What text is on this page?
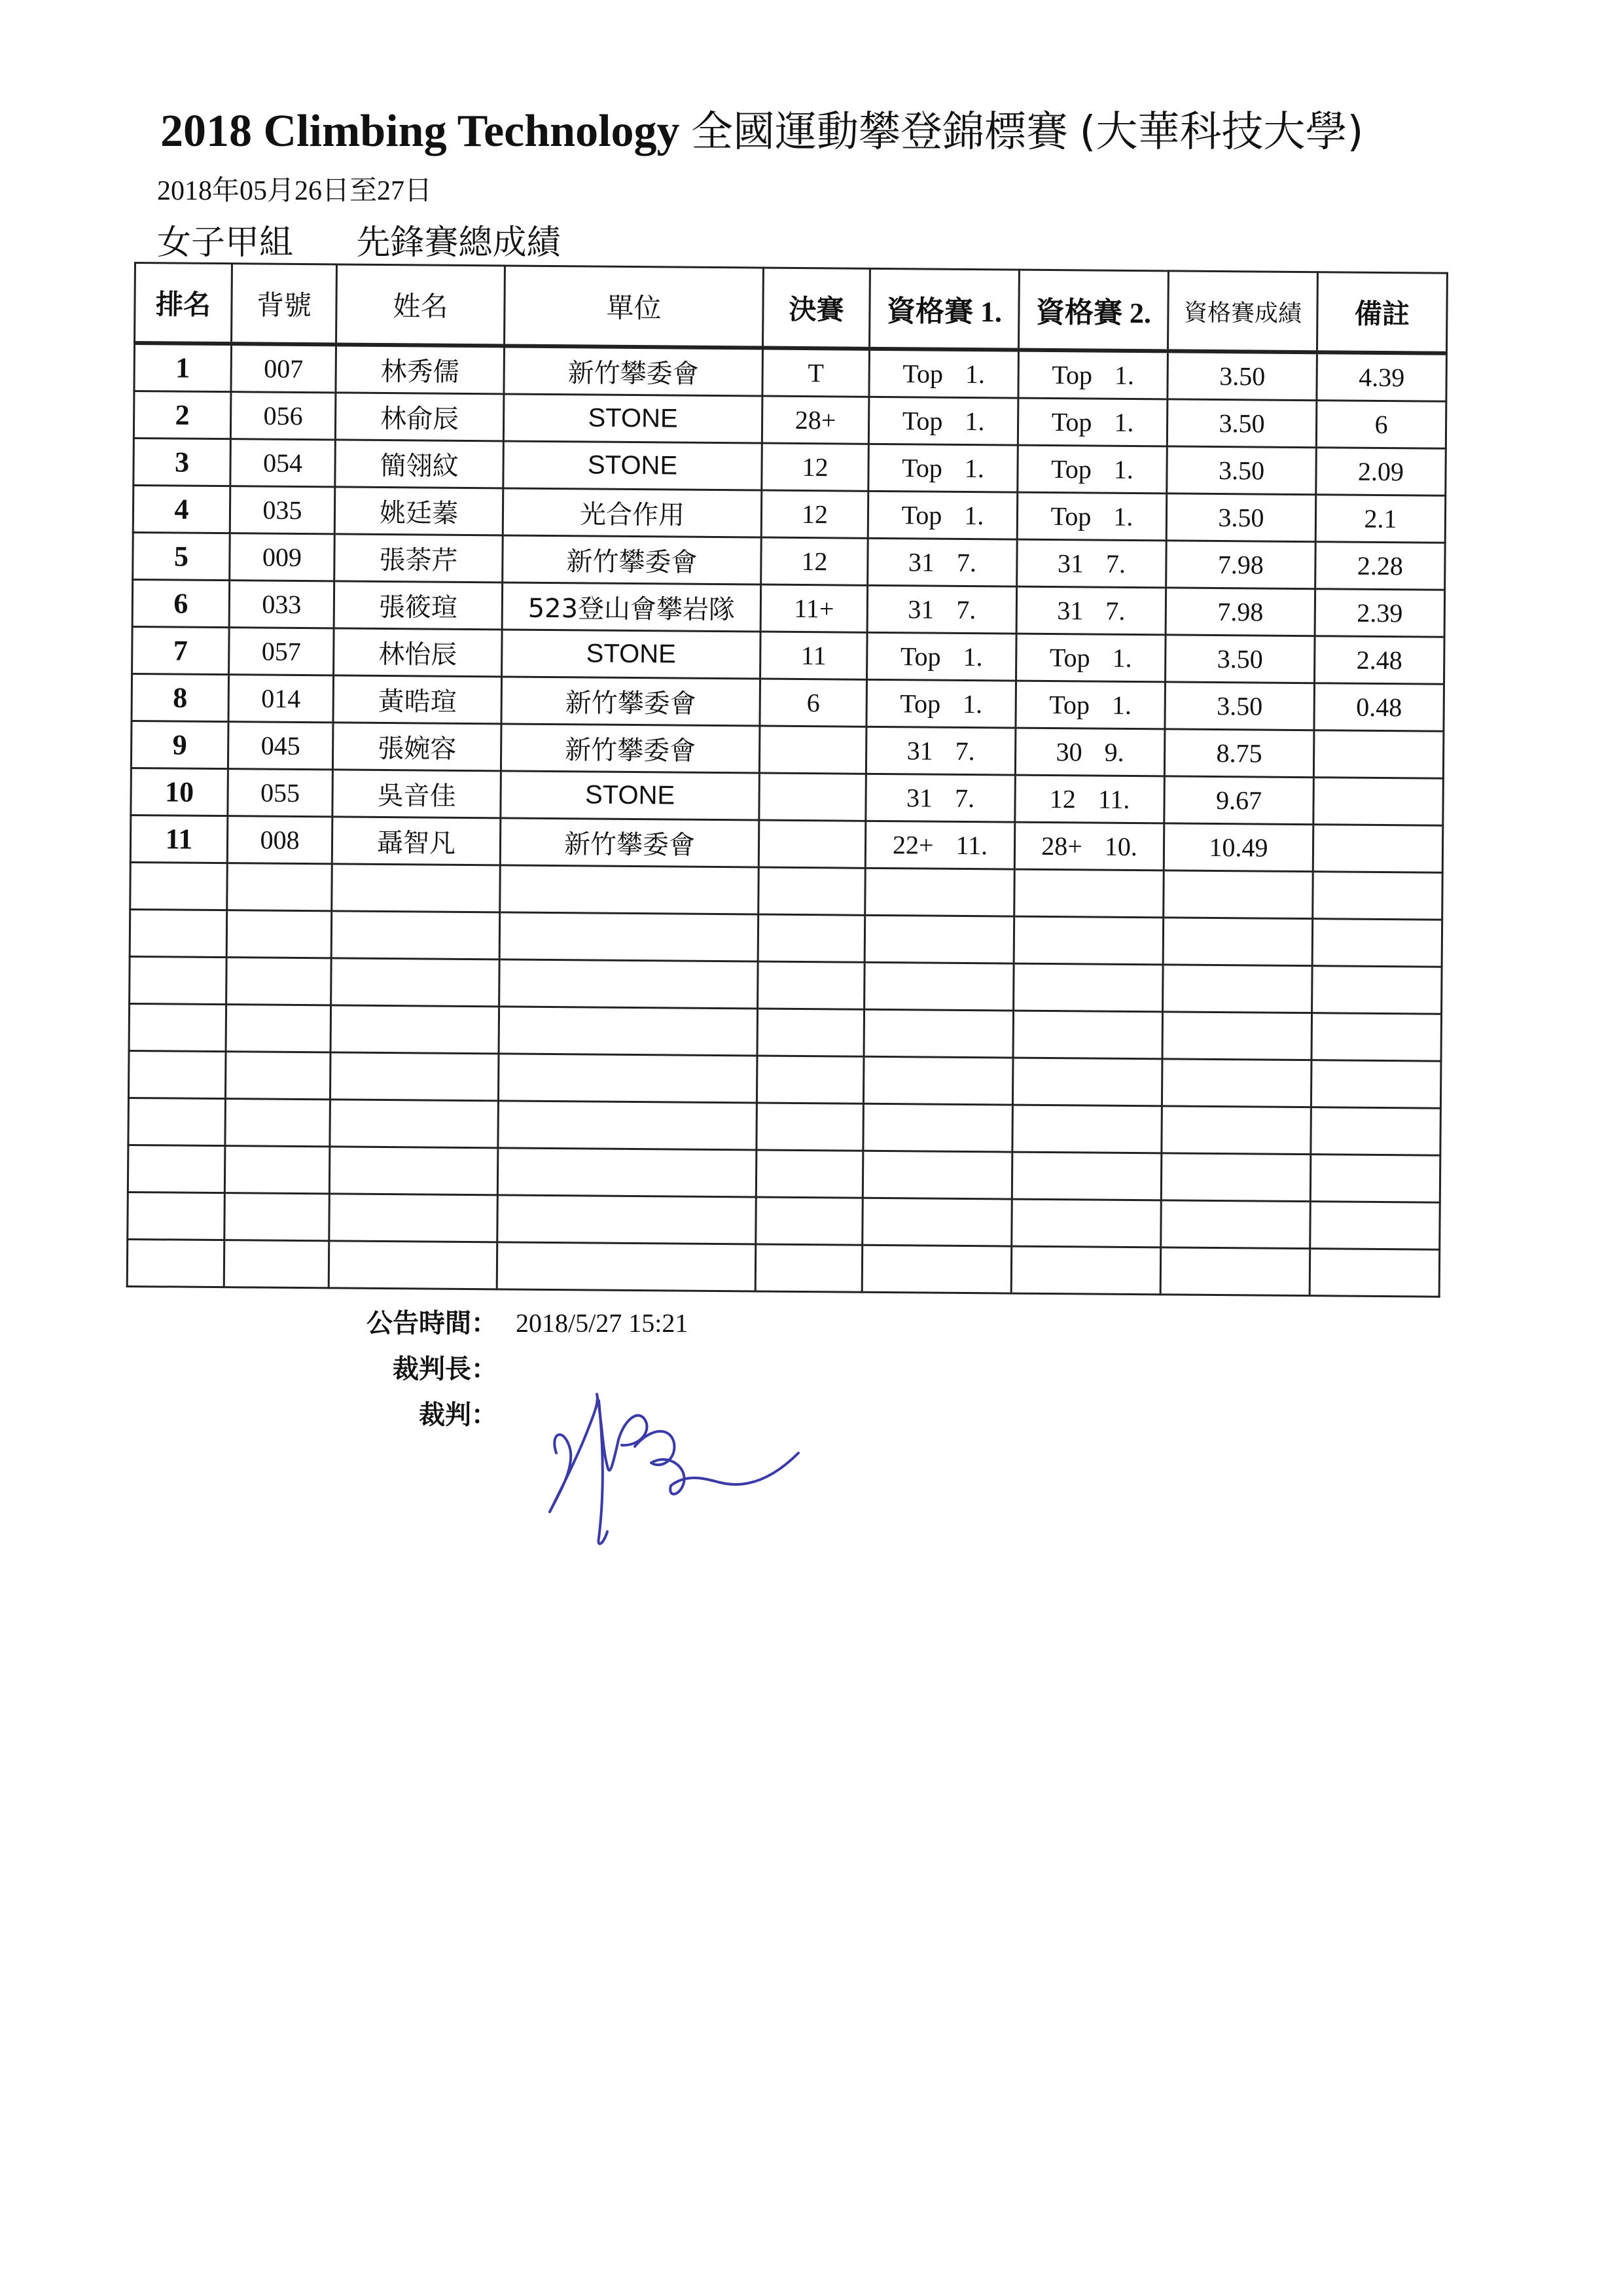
2018 Climbing Technology 全國運動攀登錦標賽 (大華科技大學)
2018年05月26日至27日
女子甲組 先鋒賽總成績
排名	背號	姓名	單位	決賽	資格賽 1.	資格賽 2.	資格賽成績	備註
1	007	林秀儒	新竹攀委會	T	Top 1.	Top 1.	3.50	4.39
2	056	林俞辰	STONE	28+	Top 1.	Top 1.	3.50	6
3	054	簡翎紋	STONE	12	Top 1.	Top 1.	3.50	2.09
4	035	姚廷蓁	光合作用	12	Top 1.	Top 1.	3.50	2.1
5	009	張荼芹	新竹攀委會	12	31 7.	31 7.	7.98	2.28
6	033	張筱瑄	523登山會攀岩隊	11+	31 7.	31 7.	7.98	2.39
7	057	林怡辰	STONE	11	Top 1.	Top 1.	3.50	2.48
8	014	黃晧瑄	新竹攀委會	6	Top 1.	Top 1.	3.50	0.48
9	045	張婉容	新竹攀委會		31 7.	30 9.	8.75	
10	055	吳音佳	STONE		31 7.	12 11.	9.67	
11	008	聶智凡	新竹攀委會		22+ 11.	28+ 10.	10.49	

公告時間： 2018/5/27 15:21
裁判長：
裁判：
